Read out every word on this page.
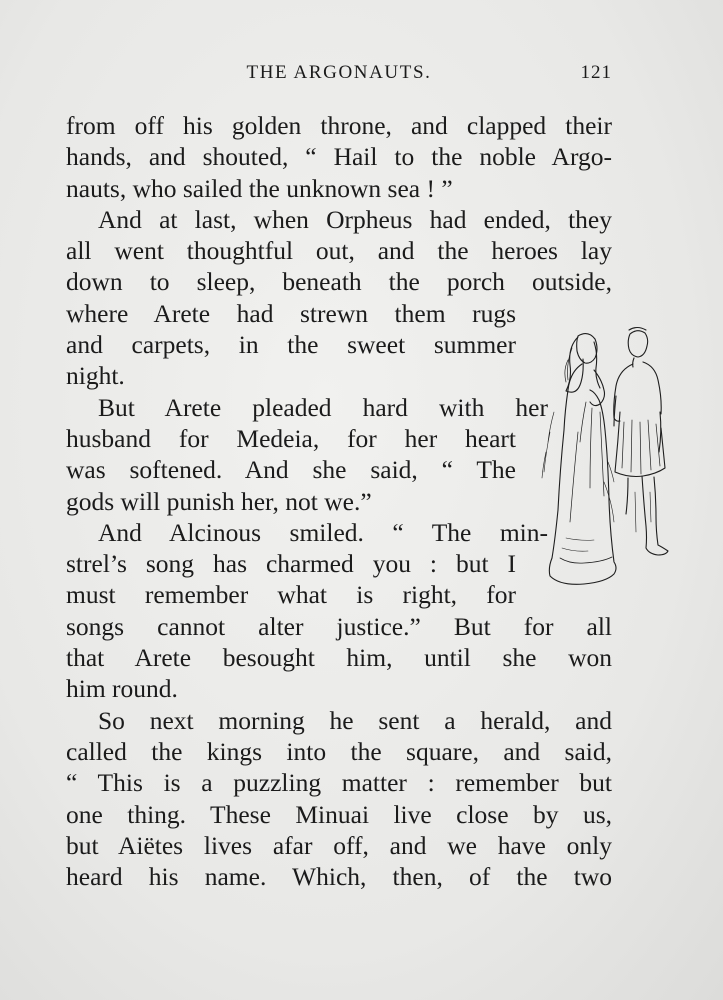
THE ARGONAUTS.	121
from off his golden throne, and clapped their
hands, and shouted, “ Hail to the noble Argo-
nauts, who sailed the unknown sea ! ”
And at last, when Orpheus had ended, they
all went thoughtful out, and the heroes lay
down to sleep, beneath the porch outside,
where Arete had strewn them rugs
and carpets, in the sweet summer
night.
But Arete pleaded hard with her
husband for Medeia, for her heart
was softened. And she said, “ The
gods will punish her, not we.”
And Alcinous smiled. “ The min-
strel’s song has charmed you : but I
must remember what is right, for
songs cannot alter justice.” But for all
that Arete besought him, until she won
him round.
So next morning he sent a herald, and
called the kings into the square, and said,
“ This is a puzzling matter : remember but
one thing. These Minuai live close by us,
but Aiëtes lives afar off, and we have only
heard his name. Which, then, of the two
